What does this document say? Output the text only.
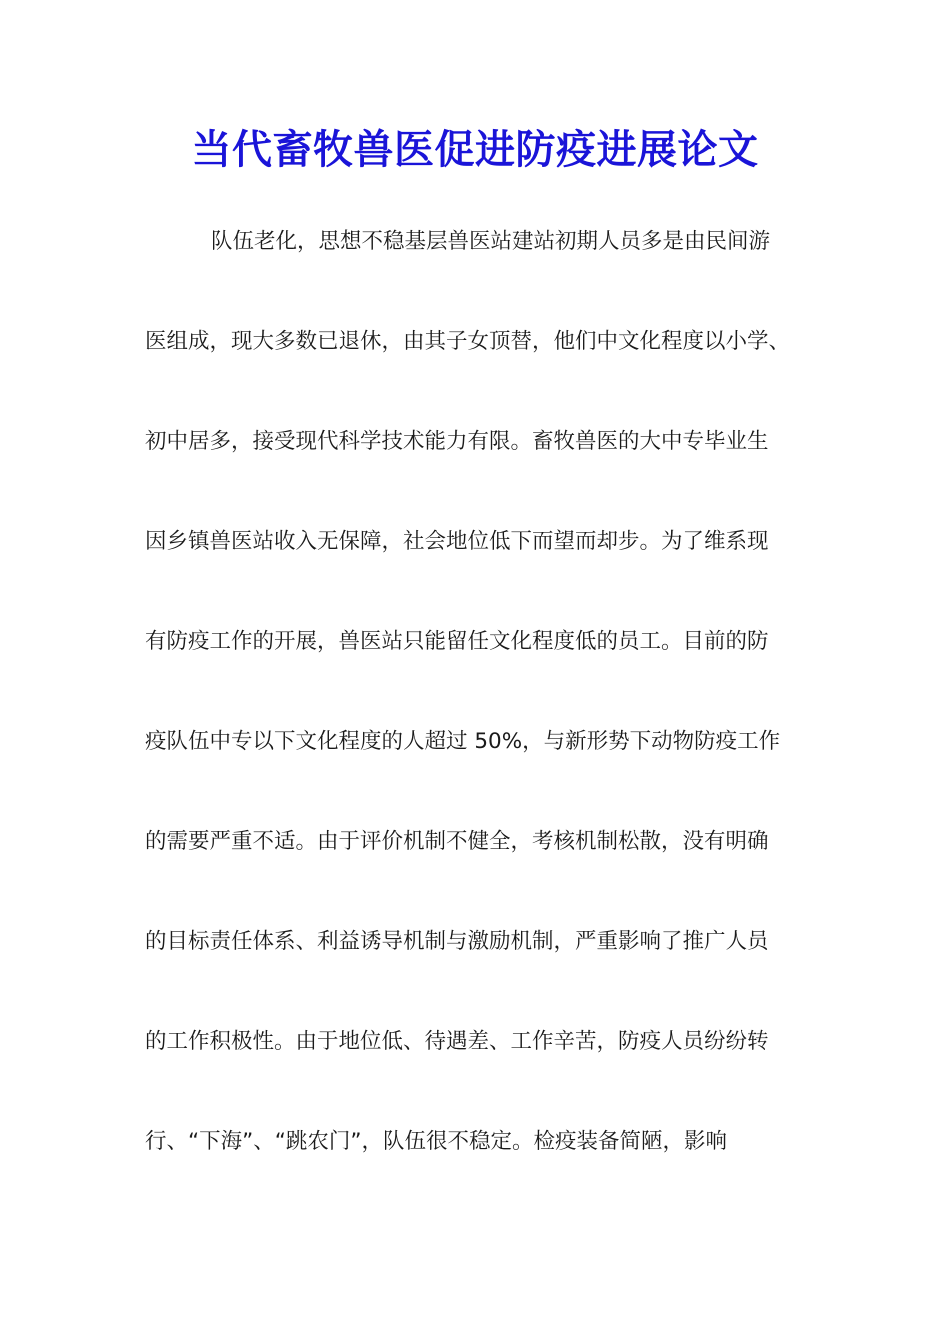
当代畜牧兽医促进防疫进展论文
队伍老化，思想不稳基层兽医站建站初期人员多是由民间游
医组成，现大多数已退休，由其子女顶替，他们中文化程度以小学、
初中居多，接受现代科学技术能力有限。畜牧兽医的大中专毕业生
因乡镇兽医站收入无保障，社会地位低下而望而却步。为了维系现
有防疫工作的开展，兽医站只能留任文化程度低的员工。目前的防
疫队伍中专以下文化程度的人超过 50%，与新形势下动物防疫工作
的需要严重不适。由于评价机制不健全，考核机制松散，没有明确
的目标责任体系、利益诱导机制与激励机制，严重影响了推广人员
的工作积极性。由于地位低、待遇差、工作辛苦，防疫人员纷纷转
行、“下海”、“跳农门”，队伍很不稳定。检疫装备简陋，影响
